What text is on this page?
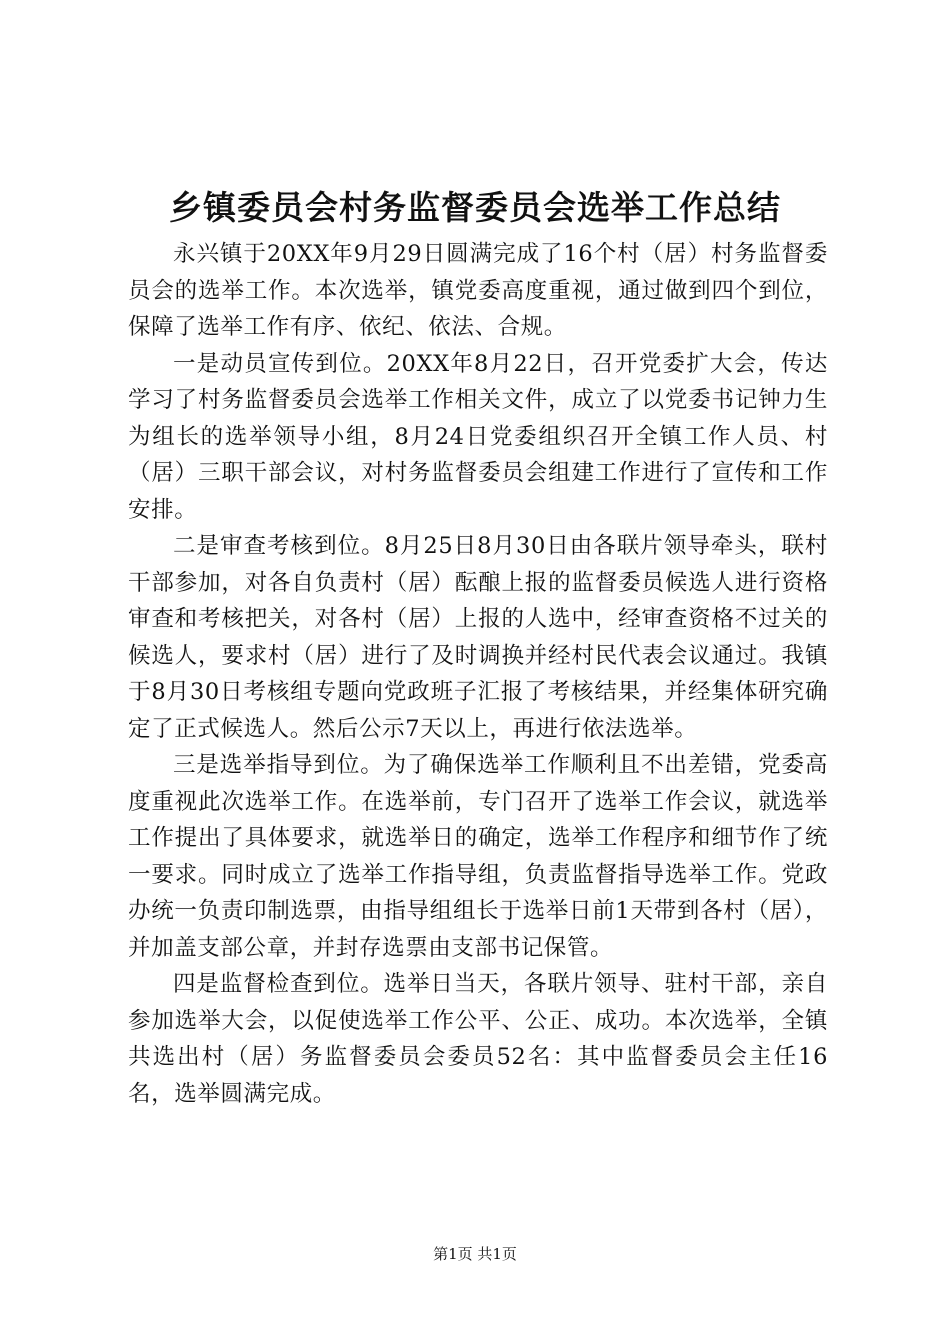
乡镇委员会村务监督委员会选举工作总结

永兴镇于20XX年9月29日圆满完成了16个村（居）村务监督委员会的选举工作。本次选举，镇党委高度重视，通过做到四个到位，保障了选举工作有序、依纪、依法、合规。

一是动员宣传到位。20XX年8月22日，召开党委扩大会，传达学习了村务监督委员会选举工作相关文件，成立了以党委书记钟力生为组长的选举领导小组，8月24日党委组织召开全镇工作人员、村（居）三职干部会议，对村务监督委员会组建工作进行了宣传和工作安排。

二是审查考核到位。8月25日8月30日由各联片领导牵头，联村干部参加，对各自负责村（居）酝酿上报的监督委员候选人进行资格审查和考核把关，对各村（居）上报的人选中，经审查资格不过关的候选人，要求村（居）进行了及时调换并经村民代表会议通过。我镇于8月30日考核组专题向党政班子汇报了考核结果，并经集体研究确定了正式候选人。然后公示7天以上，再进行依法选举。

三是选举指导到位。为了确保选举工作顺利且不出差错，党委高度重视此次选举工作。在选举前，专门召开了选举工作会议，就选举工作提出了具体要求，就选举日的确定，选举工作程序和细节作了统一要求。同时成立了选举工作指导组，负责监督指导选举工作。党政办统一负责印制选票，由指导组组长于选举日前1天带到各村（居），并加盖支部公章，并封存选票由支部书记保管。

四是监督检查到位。选举日当天，各联片领导、驻村干部，亲自参加选举大会，以促使选举工作公平、公正、成功。本次选举，全镇共选出村（居）务监督委员会委员52名：其中监督委员会主任16名，选举圆满完成。

第1页 共1页
